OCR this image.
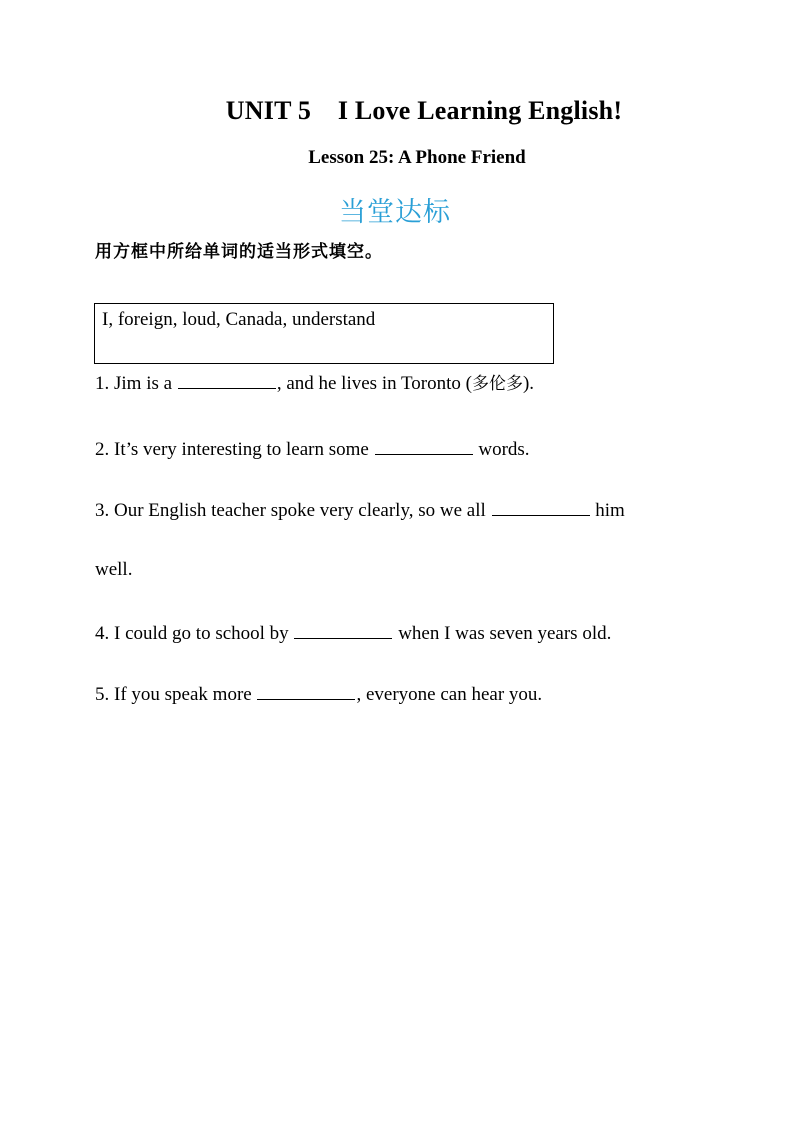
UNIT 5    I Love Learning English!
Lesson 25: A Phone Friend
当堂达标
用方框中所给单词的适当形式填空。
I, foreign, loud, Canada, understand
1. Jim is a	, and he lives in Toronto (多伦多).
2. It’s very interesting to learn some	words.
3. Our English teacher spoke very clearly, so we all	him
well.
4. I could go to school by	when I was seven years old.
5. If you speak more	, everyone can hear you.
